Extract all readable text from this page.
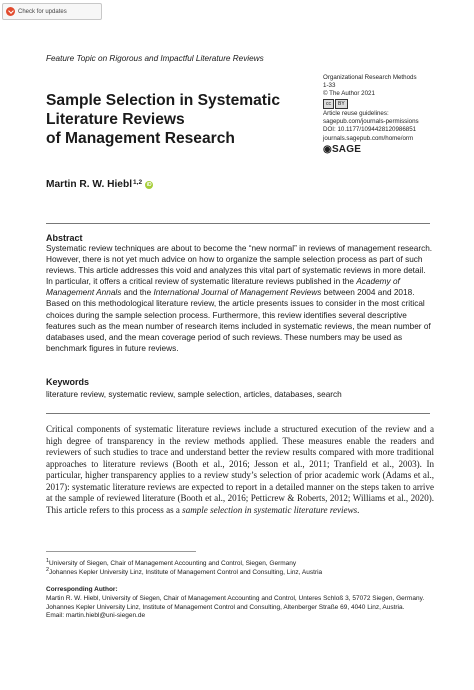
Check for updates
Feature Topic on Rigorous and Impactful Literature Reviews
Sample Selection in Systematic
Literature Reviews
of Management Research
Organizational Research Methods
1-33
© The Author 2021
cc	BY
Article reuse guidelines:
sagepub.com/journals-permissions
DOI: 10.1177/1094428120986851
journals.sagepub.com/home/orm
◉SAGE
Martin R. W. Hiebl 1,2 iD
Abstract
Systematic review techniques are about to become the “new normal” in reviews of management research. However, there is not yet much advice on how to organize the sample selection process as part of such reviews. This article addresses this void and analyzes this vital part of systematic reviews in more detail. In particular, it offers a critical review of systematic literature reviews published in the Academy of Management Annals and the International Journal of Management Reviews between 2004 and 2018. Based on this methodological literature review, the article presents issues to consider in the most critical choices during the sample selection process. Furthermore, this review identifies several descriptive features such as the mean number of research items included in systematic reviews, the mean number of databases used, and the mean coverage period of such reviews. These numbers may be used as benchmark figures in future reviews.
Keywords
literature review, systematic review, sample selection, articles, databases, search
Critical components of systematic literature reviews include a structured execution of the review and a high degree of transparency in the review methods applied. These measures enable the readers and reviewers of such studies to trace and understand better the review results compared with more traditional approaches to literature reviews (Booth et al., 2016; Jesson et al., 2011; Tranfield et al., 2003). In particular, higher transparency applies to a review study’s selection of prior academic work (Adams et al., 2017): systematic literature reviews are expected to report in a detailed manner on the steps taken to arrive at the sample of reviewed literature (Booth et al., 2016; Petticrew & Roberts, 2012; Williams et al., 2020). This article refers to this process as a sample selection in systematic literature reviews.
$^1$University of Siegen, Chair of Management Accounting and Control, Siegen, Germany
$^2$Johannes Kepler University Linz, Institute of Management Control and Consulting, Linz, Austria
Corresponding Author:
Martin R. W. Hiebl, University of Siegen, Chair of Management Accounting and Control, Unteres Schloß 3, 57072 Siegen, Germany.
Johannes Kepler University Linz, Institute of Management Control and Consulting, Altenberger Straße 69, 4040 Linz, Austria.
Email: martin.hiebl@uni-siegen.de
